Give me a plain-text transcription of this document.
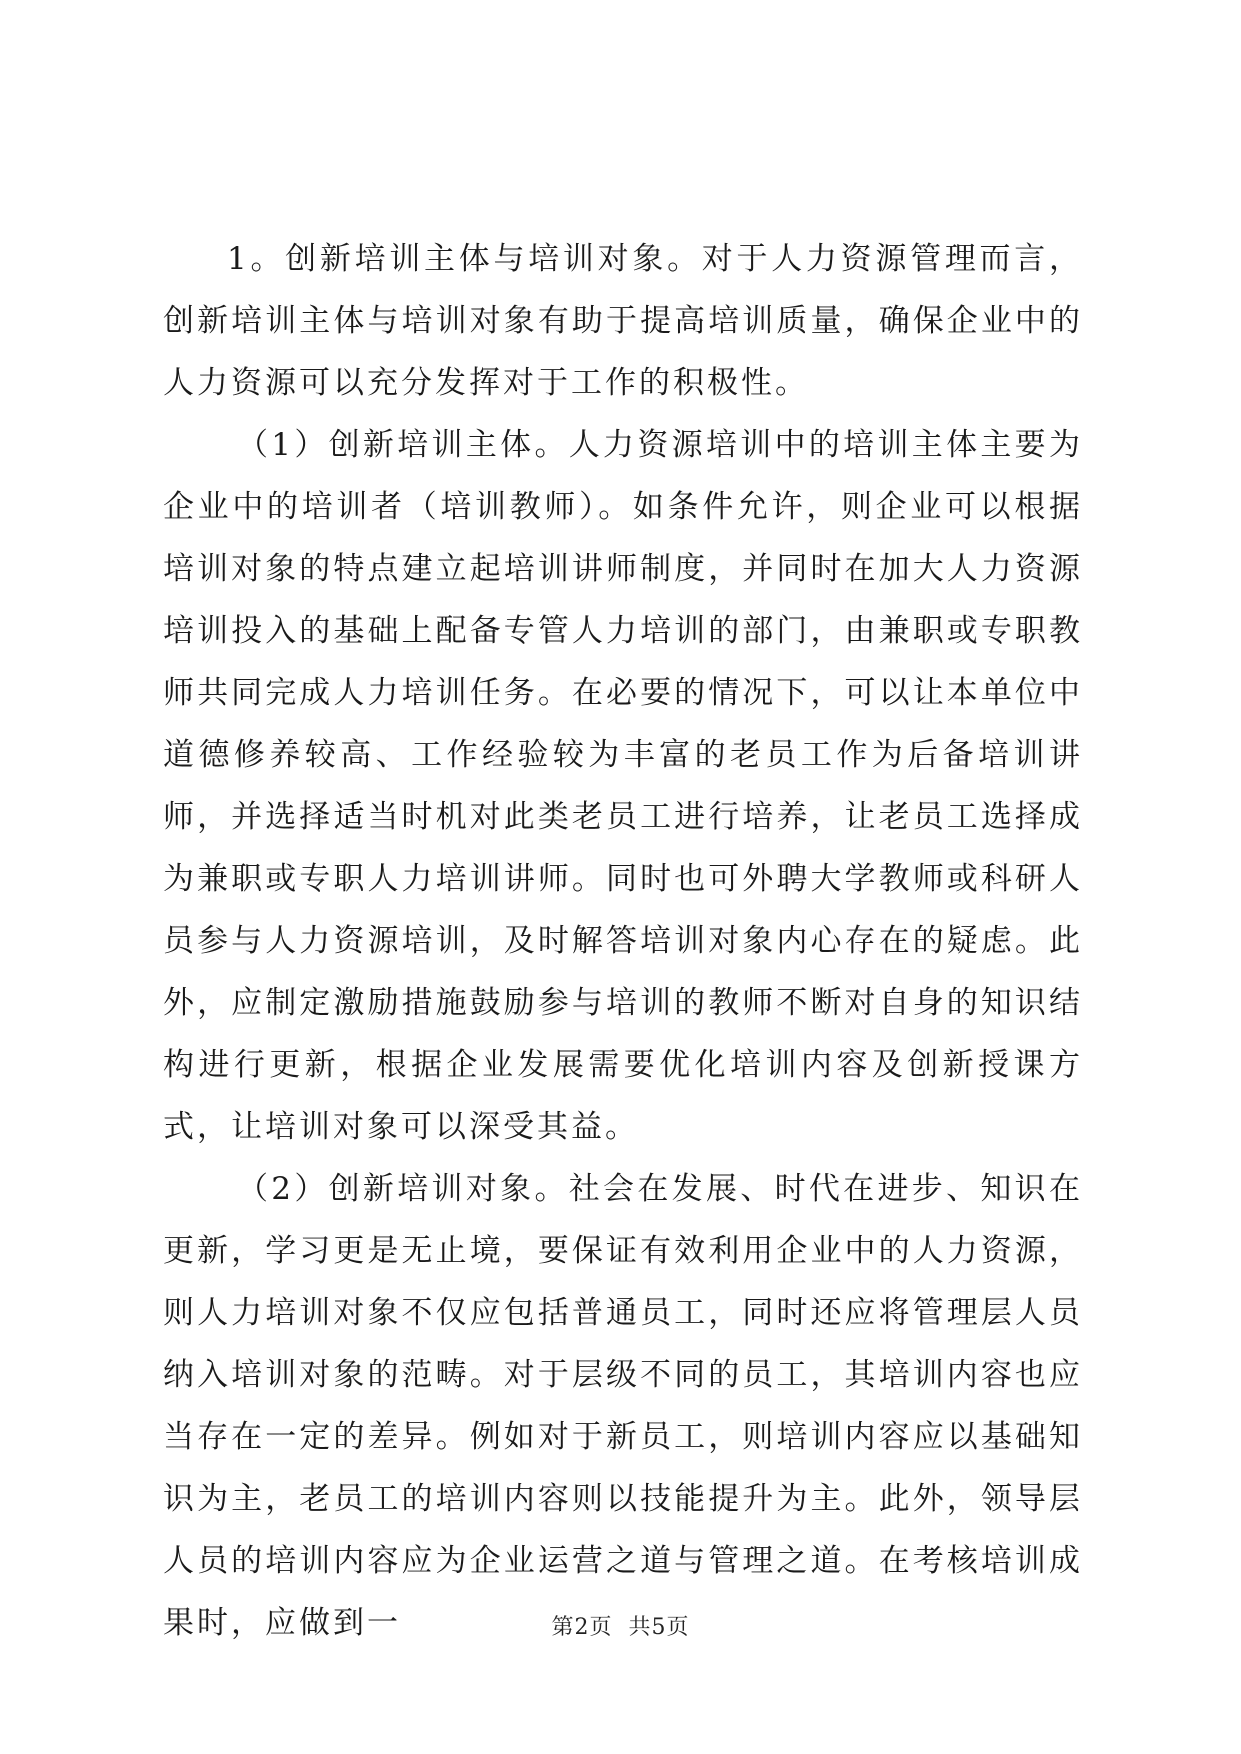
1。创新培训主体与培训对象。对于人力资源管理而言，创新培训主体与培训对象有助于提高培训质量，确保企业中的人力资源可以充分发挥对于工作的积极性。

（1）创新培训主体。人力资源培训中的培训主体主要为企业中的培训者（培训教师）。如条件允许，则企业可以根据培训对象的特点建立起培训讲师制度，并同时在加大人力资源培训投入的基础上配备专管人力培训的部门，由兼职或专职教师共同完成人力培训任务。在必要的情况下，可以让本单位中道德修养较高、工作经验较为丰富的老员工作为后备培训讲师，并选择适当时机对此类老员工进行培养，让老员工选择成为兼职或专职人力培训讲师。同时也可外聘大学教师或科研人员参与人力资源培训，及时解答培训对象内心存在的疑虑。此外，应制定激励措施鼓励参与培训的教师不断对自身的知识结构进行更新，根据企业发展需要优化培训内容及创新授课方式，让培训对象可以深受其益。

（2）创新培训对象。社会在发展、时代在进步、知识在更新，学习更是无止境，要保证有效利用企业中的人力资源，则人力培训对象不仅应包括普通员工，同时还应将管理层人员纳入培训对象的范畴。对于层级不同的员工，其培训内容也应当存在一定的差异。例如对于新员工，则培训内容应以基础知识为主，老员工的培训内容则以技能提升为主。此外，领导层人员的培训内容应为企业运营之道与管理之道。在考核培训成果时，应做到一	第2页 共5页
